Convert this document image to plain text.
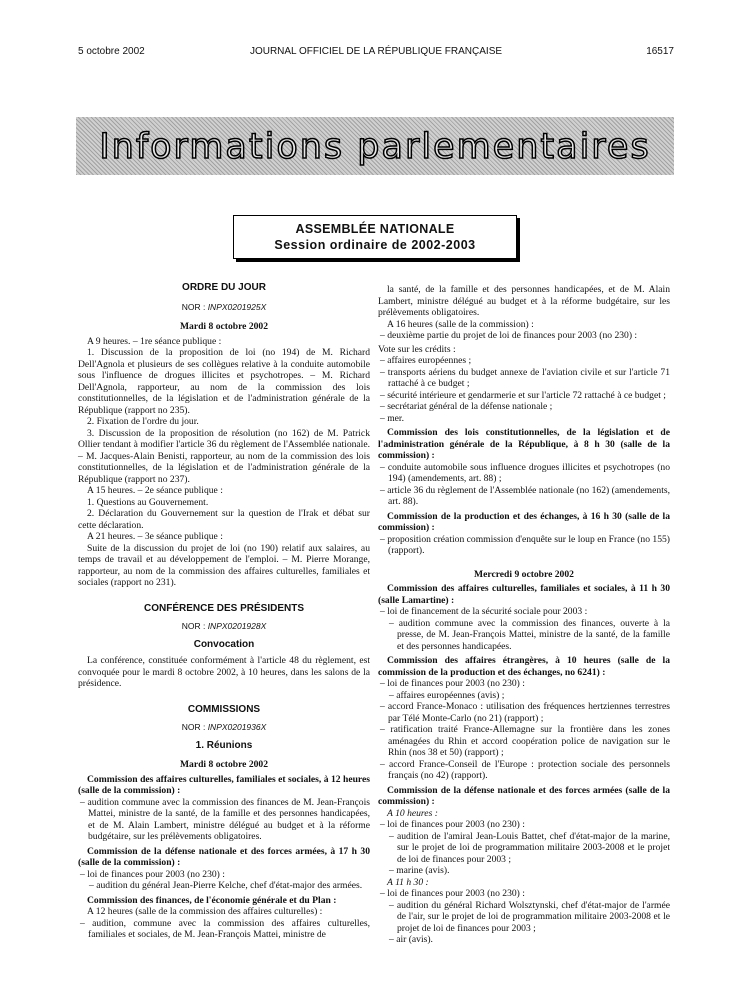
5 octobre 2002	JOURNAL OFFICIEL DE LA RÉPUBLIQUE FRANÇAISE	16517
Informations parlementaires
ASSEMBLÉE NATIONALE
Session ordinaire de 2002-2003

ORDRE DU JOUR

NOR : INPX0201925X

Mardi 8 octobre 2002

A 9 heures. – 1re séance publique :

1. Discussion de la proposition de loi (no 194) de M. Richard Dell'Agnola et plusieurs de ses collègues relative à la conduite automobile sous l'influence de drogues illicites et psychotropes. – M. Richard Dell'Agnola, rapporteur, au nom de la commission des lois constitutionnelles, de la législation et de l'administration générale de la République (rapport no 235).

2. Fixation de l'ordre du jour.

3. Discussion de la proposition de résolution (no 162) de M. Patrick Ollier tendant à modifier l'article 36 du règlement de l'Assemblée nationale. – M. Jacques-Alain Benisti, rapporteur, au nom de la commission des lois constitutionnelles, de la législation et de l'administration générale de la République (rapport no 237).

A 15 heures. – 2e séance publique :

1. Questions au Gouvernement.

2. Déclaration du Gouvernement sur la question de l'Irak et débat sur cette déclaration.

A 21 heures. – 3e séance publique :

Suite de la discussion du projet de loi (no 190) relatif aux salaires, au temps de travail et au développement de l'emploi. – M. Pierre Morange, rapporteur, au nom de la commission des affaires culturelles, familiales et sociales (rapport no 231).

CONFÉRENCE DES PRÉSIDENTS

NOR : INPX0201928X

Convocation

La conférence, constituée conformément à l'article 48 du règlement, est convoquée pour le mardi 8 octobre 2002, à 10 heures, dans les salons de la présidence.

COMMISSIONS

NOR : INPX0201936X

1. Réunions

Mardi 8 octobre 2002

Commission des affaires culturelles, familiales et sociales, à 12 heures (salle de la commission) :

– audition commune avec la commission des finances de M. Jean-François Mattei, ministre de la santé, de la famille et des personnes handicapées, et de M. Alain Lambert, ministre délégué au budget et à la réforme budgétaire, sur les prélèvements obligatoires.

Commission de la défense nationale et des forces armées, à 17 h 30 (salle de la commission) :

– loi de finances pour 2003 (no 230) :

– audition du général Jean-Pierre Kelche, chef d'état-major des armées.

Commission des finances, de l'économie générale et du Plan :

A 12 heures (salle de la commission des affaires culturelles) :

– audition, commune avec la commission des affaires culturelles, familiales et sociales, de M. Jean-François Mattei, ministre de

la santé, de la famille et des personnes handicapées, et de M. Alain Lambert, ministre délégué au budget et à la réforme budgétaire, sur les prélèvements obligatoires.

A 16 heures (salle de la commission) :

– deuxième partie du projet de loi de finances pour 2003 (no 230) :

Vote sur les crédits :

– affaires européennes ;

– transports aériens du budget annexe de l'aviation civile et sur l'article 71 rattaché à ce budget ;

– sécurité intérieure et gendarmerie et sur l'article 72 rattaché à ce budget ;

– secrétariat général de la défense nationale ;

– mer.

Commission des lois constitutionnelles, de la législation et de l'administration générale de la République, à 8 h 30 (salle de la commission) :

– conduite automobile sous influence drogues illicites et psychotropes (no 194) (amendements, art. 88) ;

– article 36 du règlement de l'Assemblée nationale (no 162) (amendements, art. 88).

Commission de la production et des échanges, à 16 h 30 (salle de la commission) :

– proposition création commission d'enquête sur le loup en France (no 155) (rapport).

Mercredi 9 octobre 2002

Commission des affaires culturelles, familiales et sociales, à 11 h 30 (salle Lamartine) :

– loi de financement de la sécurité sociale pour 2003 :

– audition commune avec la commission des finances, ouverte à la presse, de M. Jean-François Mattei, ministre de la santé, de la famille et des personnes handicapées.

Commission des affaires étrangères, à 10 heures (salle de la commission de la production et des échanges, no 6241) :

– loi de finances pour 2003 (no 230) :

– affaires européennes (avis) ;

– accord France-Monaco : utilisation des fréquences hertziennes terrestres par Télé Monte-Carlo (no 21) (rapport) ;

– ratification traité France-Allemagne sur la frontière dans les zones aménagées du Rhin et accord coopération police de navigation sur le Rhin (nos 38 et 50) (rapport) ;

– accord France-Conseil de l'Europe : protection sociale des personnels français (no 42) (rapport).

Commission de la défense nationale et des forces armées (salle de la commission) :

A 10 heures :

– loi de finances pour 2003 (no 230) :

– audition de l'amiral Jean-Louis Battet, chef d'état-major de la marine, sur le projet de loi de programmation militaire 2003-2008 et le projet de loi de finances pour 2003 ;

– marine (avis).

A 11 h 30 :

– loi de finances pour 2003 (no 230) :

– audition du général Richard Wolsztynski, chef d'état-major de l'armée de l'air, sur le projet de loi de programmation militaire 2003-2008 et le projet de loi de finances pour 2003 ;

– air (avis).
